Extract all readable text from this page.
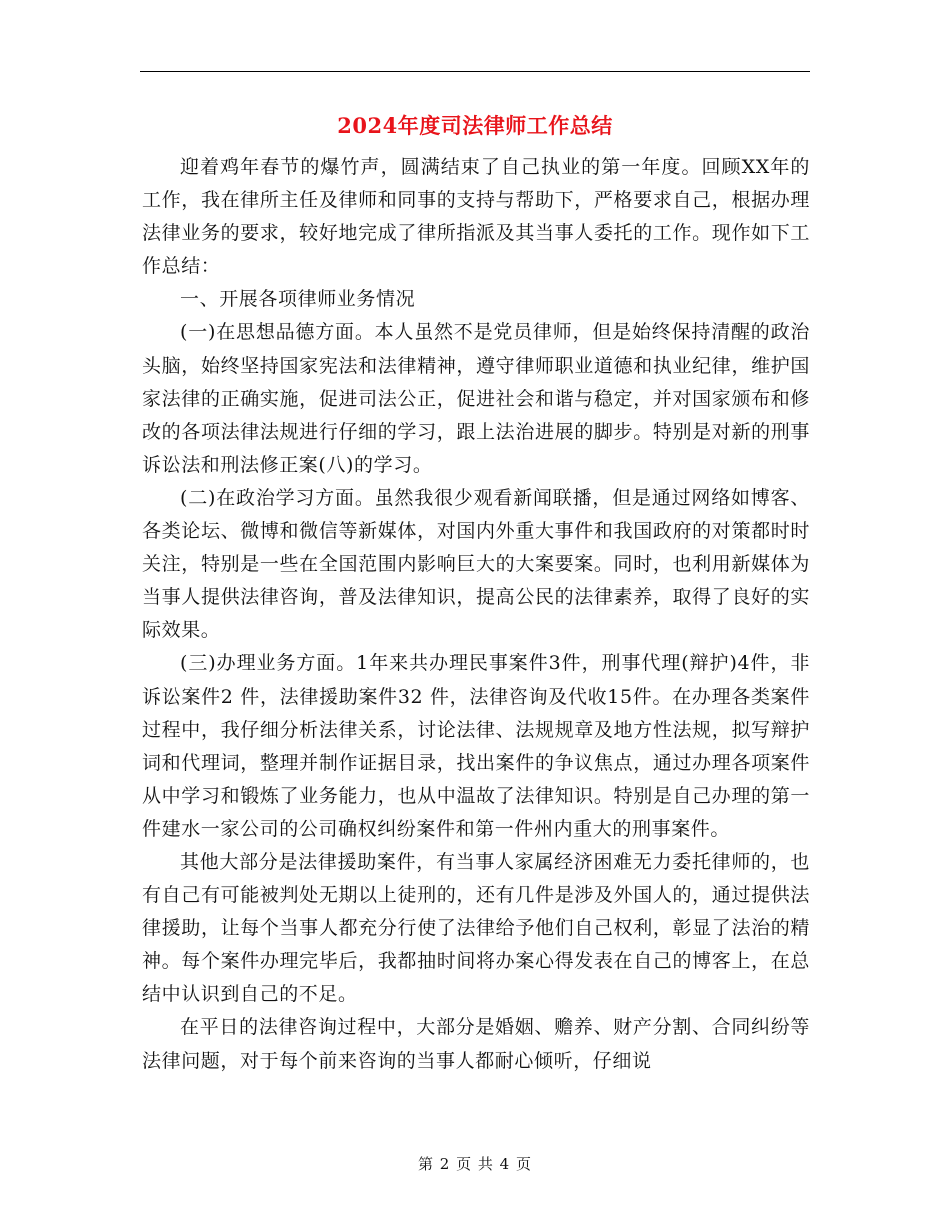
2024年度司法律师工作总结

迎着鸡年春节的爆竹声，圆满结束了自己执业的第一年度。回顾XX年的工作，我在律所主任及律师和同事的支持与帮助下，严格要求自己，根据办理法律业务的要求，较好地完成了律所指派及其当事人委托的工作。现作如下工作总结：

一、开展各项律师业务情况

(一)在思想品德方面。本人虽然不是党员律师，但是始终保持清醒的政治头脑，始终坚持国家宪法和法律精神，遵守律师职业道德和执业纪律，维护国家法律的正确实施，促进司法公正，促进社会和谐与稳定，并对国家颁布和修改的各项法律法规进行仔细的学习，跟上法治进展的脚步。特别是对新的刑事诉讼法和刑法修正案(八)的学习。

(二)在政治学习方面。虽然我很少观看新闻联播，但是通过网络如博客、各类论坛、微博和微信等新媒体，对国内外重大事件和我国政府的对策都时时关注，特别是一些在全国范围内影响巨大的大案要案。同时，也利用新媒体为当事人提供法律咨询，普及法律知识，提高公民的法律素养，取得了良好的实际效果。

(三)办理业务方面。1年来共办理民事案件3件，刑事代理(辩护)4件，非诉讼案件2 件，法律援助案件32 件，法律咨询及代收15件。在办理各类案件过程中，我仔细分析法律关系，讨论法律、法规规章及地方性法规，拟写辩护词和代理词，整理并制作证据目录，找出案件的争议焦点，通过办理各项案件从中学习和锻炼了业务能力，也从中温故了法律知识。特别是自己办理的第一件建水一家公司的公司确权纠纷案件和第一件州内重大的刑事案件。

其他大部分是法律援助案件，有当事人家属经济困难无力委托律师的，也有自己有可能被判处无期以上徒刑的，还有几件是涉及外国人的，通过提供法律援助，让每个当事人都充分行使了法律给予他们自己权利，彰显了法治的精神。每个案件办理完毕后，我都抽时间将办案心得发表在自己的博客上，在总结中认识到自己的不足。

在平日的法律咨询过程中，大部分是婚姻、赡养、财产分割、合同纠纷等法律问题，对于每个前来咨询的当事人都耐心倾听，仔细说

第 2 页 共 4 页
